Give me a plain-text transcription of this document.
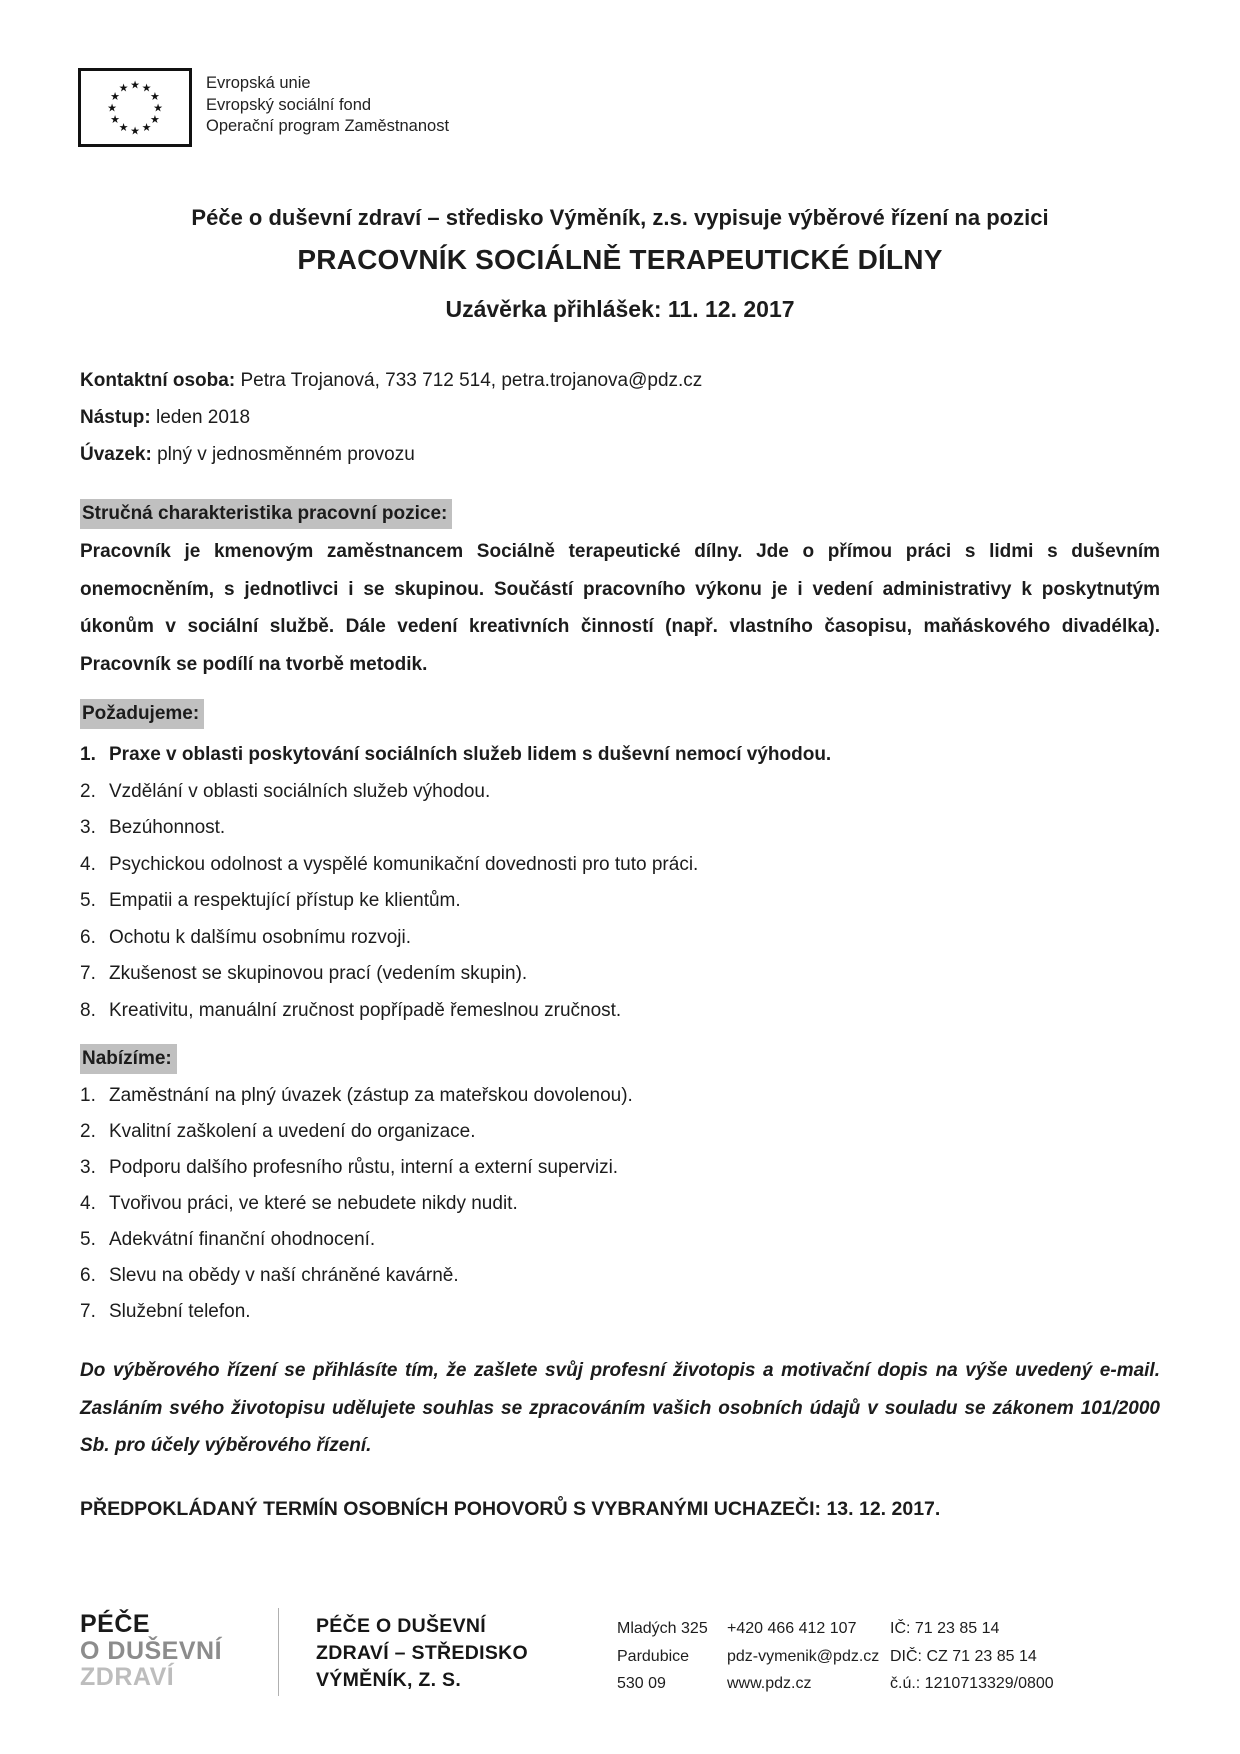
★ ★
★
★
★
★
★
★
★
★
★
★	Evropská unie
Evropský sociální fond
Operační program Zaměstnanost
Péče o duševní zdraví – středisko Výměník, z.s. vypisuje výběrové řízení na pozici
PRACOVNÍK SOCIÁLNĚ TERAPEUTICKÉ DÍLNY
Uzávěrka přihlášek: 11. 12. 2017
Kontaktní osoba: Petra Trojanová, 733 712 514, petra.trojanova@pdz.cz
Nástup: leden 2018
Úvazek: plný v jednosměnném provozu
Stručná charakteristika pracovní pozice:
Pracovník je kmenovým zaměstnancem Sociálně terapeutické dílny. Jde o přímou práci s lidmi s duševním onemocněním, s jednotlivci i se skupinou. Součástí pracovního výkonu je i vedení administrativy k poskytnutým úkonům v sociální službě. Dále vedení kreativních činností (např. vlastního časopisu, maňáskového divadélka). Pracovník se podílí na tvorbě metodik.
Požadujeme:
1. Praxe v oblasti poskytování sociálních služeb lidem s duševní nemocí výhodou.
2. Vzdělání v oblasti sociálních služeb výhodou.
3. Bezúhonnost.
4. Psychickou odolnost a vyspělé komunikační dovednosti pro tuto práci.
5. Empatii a respektující přístup ke klientům.
6. Ochotu k dalšímu osobnímu rozvoji.
7. Zkušenost se skupinovou prací (vedením skupin).
8. Kreativitu, manuální zručnost popřípadě řemeslnou zručnost.
Nabízíme:
1. Zaměstnání na plný úvazek (zástup za mateřskou dovolenou).
2. Kvalitní zaškolení a uvedení do organizace.
3. Podporu dalšího profesního růstu, interní a externí supervizi.
4. Tvořivou práci, ve které se nebudete nikdy nudit.
5. Adekvátní finanční ohodnocení.
6. Slevu na obědy v naší chráněné kavárně.
7. Služební telefon.
Do výběrového řízení se přihlásíte tím, že zašlete svůj profesní životopis a motivační dopis na výše uvedený e-mail. Zasláním svého životopisu udělujete souhlas se zpracováním vašich osobních údajů v souladu se zákonem 101/2000 Sb. pro účely výběrového řízení.
PŘEDPOKLÁDANÝ TERMÍN OSOBNÍCH POHOVORŮ S VYBRANÝMI UCHAZEČI: 13. 12. 2017.
PÉČE
O DUŠEVNÍ
ZDRAVÍ
PÉČE O DUŠEVNÍ
ZDRAVÍ – STŘEDISKO
VÝMĚNÍK, Z. S.
Mladých 325
Pardubice
530 09
+420 466 412 107
pdz-vymenik@pdz.cz
www.pdz.cz
IČ: 71 23 85 14
DIČ: CZ 71 23 85 14
č.ú.: 1210713329/0800
